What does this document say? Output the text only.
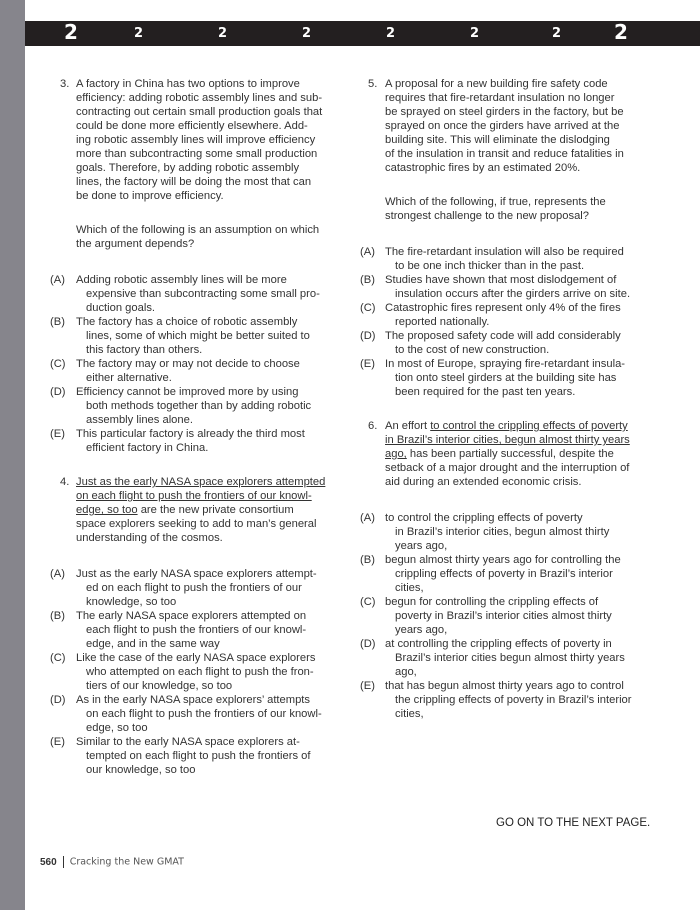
2	2	2	2	2	2	2	2
3. A factory in China has two options to improve
efficiency: adding robotic assembly lines and sub-
contracting out certain small production goals that
could be done more efficiently elsewhere. Add-
ing robotic assembly lines will improve efficiency
more than subcontracting some small production
goals. Therefore, by adding robotic assembly
lines, the factory will be doing the most that can
be done to improve efficiency.
Which of the following is an assumption on which
the argument depends?
(A) Adding robotic assembly lines will be more
expensive than subcontracting some small pro-
duction goals.
(B) The factory has a choice of robotic assembly
lines, some of which might be better suited to
this factory than others.
(C) The factory may or may not decide to choose
either alternative.
(D) Efficiency cannot be improved more by using
both methods together than by adding robotic
assembly lines alone.
(E) This particular factory is already the third most
efficient factory in China.
4. Just as the early NASA space explorers attempted
on each flight to push the frontiers of our knowl-
edge, so too are the new private consortium
space explorers seeking to add to man’s general
understanding of the cosmos.
(A) Just as the early NASA space explorers attempt-
ed on each flight to push the frontiers of our
knowledge, so too
(B) The early NASA space explorers attempted on
each flight to push the frontiers of our knowl-
edge, and in the same way
(C) Like the case of the early NASA space explorers
who attempted on each flight to push the fron-
tiers of our knowledge, so too
(D) As in the early NASA space explorers’ attempts
on each flight to push the frontiers of our knowl-
edge, so too
(E) Similar to the early NASA space explorers at-
tempted on each flight to push the frontiers of
our knowledge, so too
5. A proposal for a new building fire safety code
requires that fire-retardant insulation no longer
be sprayed on steel girders in the factory, but be
sprayed on once the girders have arrived at the
building site. This will eliminate the dislodging
of the insulation in transit and reduce fatalities in
catastrophic fires by an estimated 20%.
Which of the following, if true, represents the
strongest challenge to the new proposal?
(A) The fire-retardant insulation will also be required
to be one inch thicker than in the past.
(B) Studies have shown that most dislodgement of
insulation occurs after the girders arrive on site.
(C) Catastrophic fires represent only 4% of the fires
reported nationally.
(D) The proposed safety code will add considerably
to the cost of new construction.
(E) In most of Europe, spraying fire-retardant insula-
tion onto steel girders at the building site has
been required for the past ten years.
6. An effort to control the crippling effects of poverty
in Brazil’s interior cities, begun almost thirty years
ago, has been partially successful, despite the
setback of a major drought and the interruption of
aid during an extended economic crisis.
(A) to control the crippling effects of poverty
in Brazil’s interior cities, begun almost thirty
years ago,
(B) begun almost thirty years ago for controlling the
crippling effects of poverty in Brazil’s interior
cities,
(C) begun for controlling the crippling effects of
poverty in Brazil’s interior cities almost thirty
years ago,
(D) at controlling the crippling effects of poverty in
Brazil’s interior cities begun almost thirty years
ago,
(E) that has begun almost thirty years ago to control
the crippling effects of poverty in Brazil’s interior
cities,
GO ON TO THE NEXT PAGE.
560 Cracking the New GMAT
